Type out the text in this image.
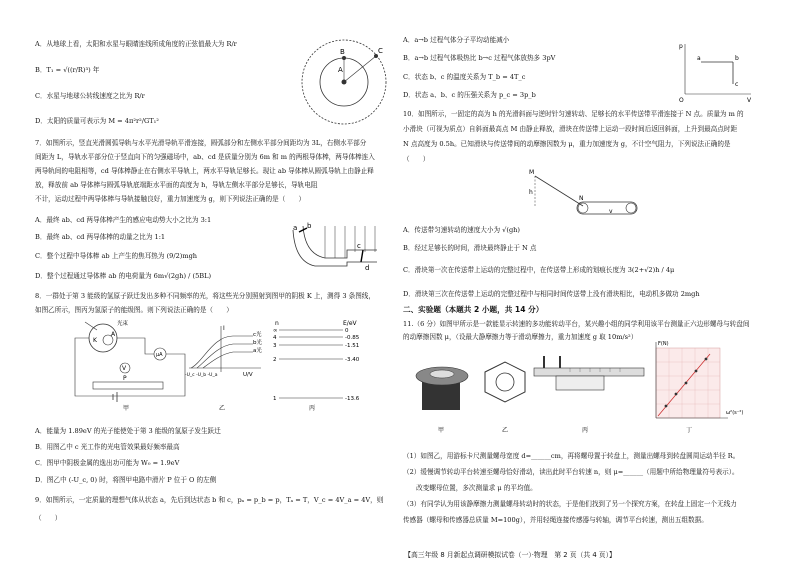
A．从地球上看，太阳和水星与眼睛连线所成角度的正弦值最大为 R/r
B．T₁ = √((r/R)³) 年
C．水星与地球公转线速度之比为 R/r
D．太阳的质量可表示为 M = 4π²r²/GT₁²
A
B	C
7．如图所示，竖直光滑圆弧导轨与水平光滑导轨平滑连接，圆弧部分和左侧水平部分间距均为 3L，右侧水平部分
间距为 L，导轨水平部分位于竖直向下的匀强磁场中，ab、cd 是质量分别为 6m 和 m 的两根导体棒，两导体棒连入
两导轨间的电阻相等，cd 导体棒静止在右侧水平导轨上，两水平导轨足够长。现让 ab 导体棒从圆弧导轨上由静止释
放，释放前 ab 导体棒与圆弧导轨底端距水平面的高度为 h，导轨左侧水平部分足够长，导轨电阻
不计，运动过程中两导体棒与导轨接触良好，重力加速度为 g，则下列说法正确的是（　　）
A．最终 ab、cd 两导体棒产生的感应电动势大小之比为 3:1
B．最终 ab、cd 两导体棒的动量之比为 1:1
C．整个过程中导体棒 ab 上产生的焦耳热为 (9/2)mgh
D．整个过程通过导体棒 ab 的电荷量为 6m√(2gh) / (5BL)
a b
c
d
8．一群处于第 3 能级的氢原子跃迁发出多种不同频率的光，将这些光分别照射到图甲的阴极 K 上，测得 3 条图线，
如图乙所示，图丙为氢原子的能级图。则下列说法正确的是（　　）
光束
K
A
μA
V
P
甲
I
U/V
c光
b光
a光
-U_c -U_b -U_a
乙
n	E/eV
∞	0
4	-0.85
3	-1.51
2	-3.40
1	-13.6
丙
A．能量为 1.89eV 的光子能使处于第 3 能级的氢原子发生跃迁
B．用图乙中 c 光工作的光电管效果最好频率最高
C．图甲中阴极金属的逸出功可能为 W₀ = 1.9eV
D．图乙中 (-U_c, 0) 时，将图甲电路中滑片 P 位于 O 的左侧
9．如图所示，一定质量的理想气体从状态 a，先后到达状态 b 和 c，pₐ = p_b = p，Tₐ = T，V_c = 4V_a = 4V，则
（　　）
A．a→b 过程气体分子平均动能减小
B．a→b 过程气体吸热比 b→c 过程气体放热多 3pV
C．状态 b、c 的温度关系为 T_b = 4T_c
D．状态 a、b、c 的压强关系为 p_c = 3p_b
p
V
O
a	b
c
10．如图所示，一固定的高为 h 的光滑斜面与逆时针匀速转动、足够长的水平传送带平滑连接于 N 点。质量为 m 的
小滑块（可视为质点）自斜面最高点 M 由静止释放，滑块在传送带上运动一段时间后返回斜面，上升到最高点时距
N 点高度为 0.5h。已知滑块与传送带间的动摩擦因数为 μ，重力加速度为 g，不计空气阻力，下列说法正确的是
（　　）
M
h
N
v
A．传送带匀速转动的速度大小为 √(gh)
B．经过足够长的时间，滑块最终静止于 N 点
C．滑块第一次在传送带上运动的完整过程中，在传送带上形成的划痕长度为 3(2+√2)h / 4μ
D．滑块第三次在传送带上运动的完整过程中与相同时间传送带上没有滑块相比，电动机多做功 2mgh
二、实验题（本题共 2 小题，共 14 分）
11.（6 分）如图甲所示是一款能显示转速的多功能转动平台，某兴趣小组的同学利用该平台测量正六边形螺母与转盘间
的动摩擦因数 μ，（设最大静摩擦力等于滑动摩擦力，重力加速度 g 取 10m/s²）
甲	乙	丙
F(N)
ω²(s⁻²)
丁
（1）如图乙，用游标卡尺测量螺母宽度 d=______cm，再将螺母置于转盘上，测量出螺母到转盘圆周运动半径 R。
（2）缓慢调节转动平台转速至螺母恰好滑动，读出此时平台转速 n，则 μ=______（用题中所给物理量符号表示）。
　　改变螺母位置，多次测量求 μ 的平均值。
（3）有同学认为用该静摩擦力测量螺母转动时的状态，于是他们找到了另一个探究方案，在转盘上固定一个无线力
传感器（螺母和传感器总质量 M=100g），并用轻绳连接传感器与转轴，调节平台转速，测出五组数据。
【高三年级 8 月新起点调研模拟试卷（一）·物理　第 2 页（共 4 页）】
